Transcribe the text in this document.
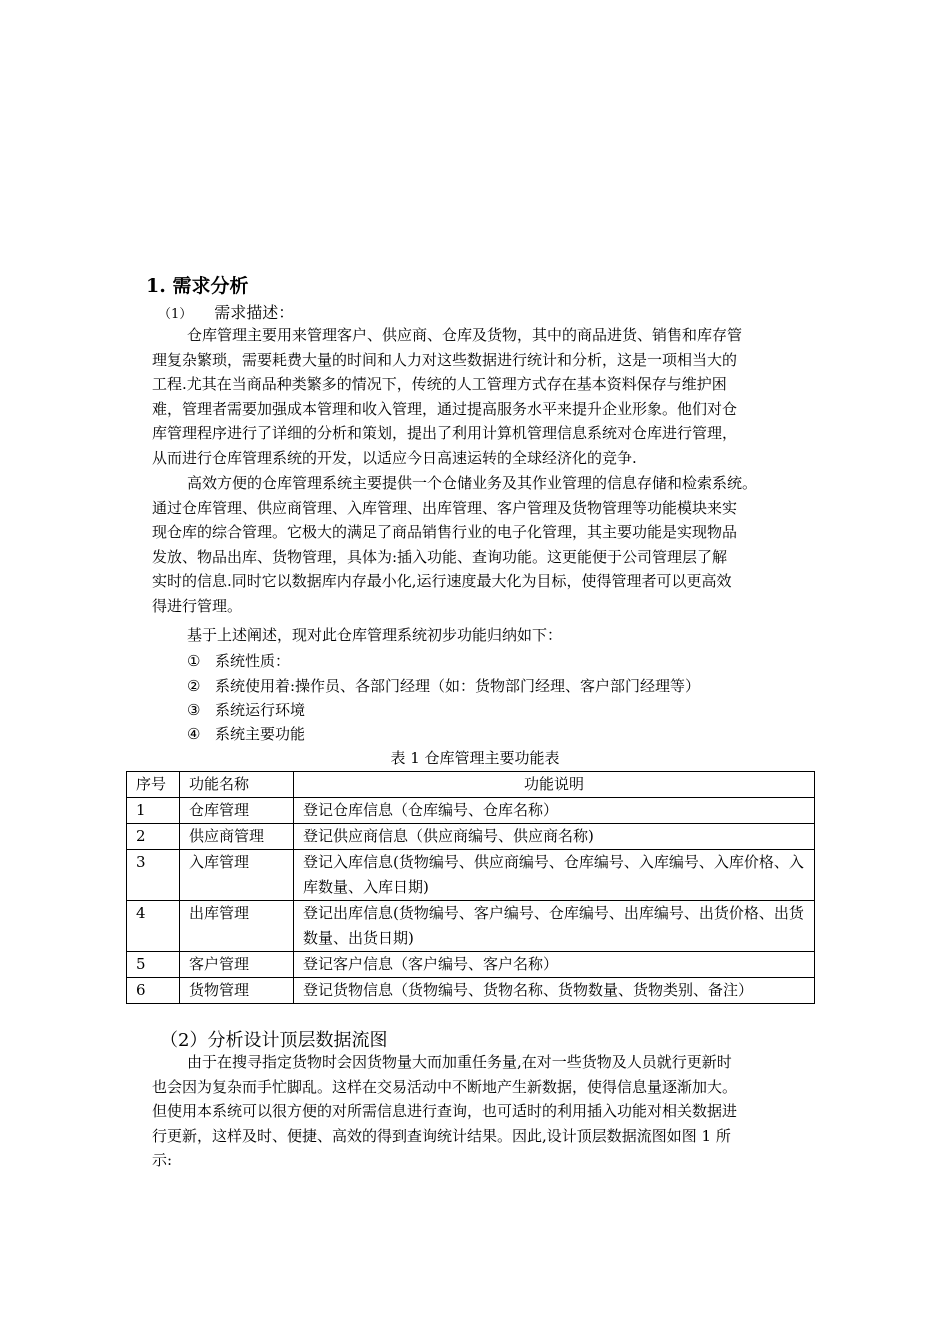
1. 需求分析
（1） 需求描述：
仓库管理主要用来管理客户、供应商、仓库及货物，其中的商品进货、销售和库存管
理复杂繁琐，需要耗费大量的时间和人力对这些数据进行统计和分析，这是一项相当大的
工程.尤其在当商品种类繁多的情况下，传统的人工管理方式存在基本资料保存与维护困
难，管理者需要加强成本管理和收入管理，通过提高服务水平来提升企业形象。他们对仓
库管理程序进行了详细的分析和策划，提出了利用计算机管理信息系统对仓库进行管理，
从而进行仓库管理系统的开发，以适应今日高速运转的全球经济化的竞争.
高效方便的仓库管理系统主要提供一个仓储业务及其作业管理的信息存储和检索系统。
通过仓库管理、供应商管理、入库管理、出库管理、客户管理及货物管理等功能模块来实
现仓库的综合管理。它极大的满足了商品销售行业的电子化管理，其主要功能是实现物品
发放、物品出库、货物管理，具体为:插入功能、查询功能。这更能便于公司管理层了解
实时的信息.同时它以数据库内存最小化,运行速度最大化为目标，使得管理者可以更高效
得进行管理。
基于上述阐述，现对此仓库管理系统初步功能归纳如下：
① 系统性质：
② 系统使用着:操作员、各部门经理（如：货物部门经理、客户部门经理等）
③ 系统运行环境
④ 系统主要功能
表 1 仓库管理主要功能表
序号	功能名称	功能说明
1	仓库管理	登记仓库信息（仓库编号、仓库名称）
2	供应商管理	登记供应商信息（供应商编号、供应商名称)
3	入库管理	登记入库信息(货物编号、供应商编号、仓库编号、入库编号、入库价格、入库数量、入库日期)
4	出库管理	登记出库信息(货物编号、客户编号、仓库编号、出库编号、出货价格、出货数量、出货日期)
5	客户管理	登记客户信息（客户编号、客户名称）
6	货物管理	登记货物信息（货物编号、货物名称、货物数量、货物类别、备注）
（2）分析设计顶层数据流图
由于在搜寻指定货物时会因货物量大而加重任务量,在对一些货物及人员就行更新时
也会因为复杂而手忙脚乱。这样在交易活动中不断地产生新数据，使得信息量逐渐加大。
但使用本系统可以很方便的对所需信息进行查询，也可适时的利用插入功能对相关数据进
行更新，这样及时、便捷、高效的得到查询统计结果。因此,设计顶层数据流图如图 1 所
示:
